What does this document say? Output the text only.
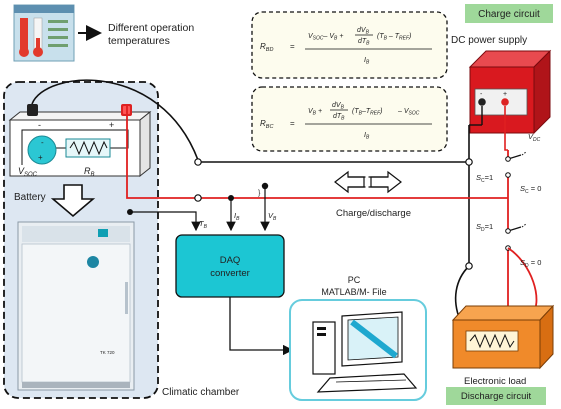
Different operation
temperatures
-	+
-
+
$V_{SOC}$	$R_B$
Battery
TK 720
Climatic chamber
$R_{BD}$ =
$V_{SOC}-$ $V_B$ +
$dV_B$
$dT_B$
$(T_B - T_{REF})$
$I_B$
$R_{BC}$ =
$V_B$ +
$dV_B$
$dT_B$
$(T_B-T_{REF}) - V_{SOC}$
$I_B$
Charge circuit
DC power supply
-	+
$V_{DC}$
$S_C=1$
$S_C = 0$
$S_D=1$
$S_D = 0$
Charge/discharge
}
$T_B$
$I_B$	$V_B$
DAQ
converter
PC
MATLAB/M- File
Electronic load
Discharge circuit
